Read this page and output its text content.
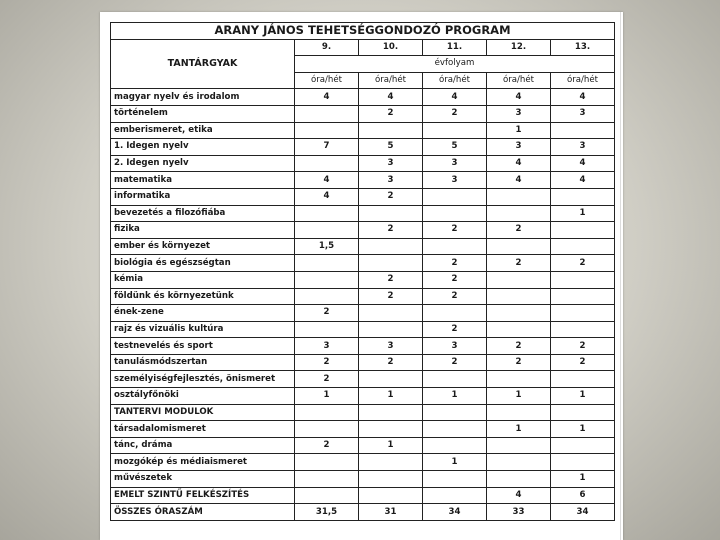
ARANY JÁNOS TEHETSÉGGONDOZÓ PROGRAM					
TANTÁRGYAK	9.	10.	11.	12.	13.
	évfolyam				
	óra/hét	óra/hét	óra/hét	óra/hét	óra/hét
magyar nyelv és irodalom	4	4	4	4	4
történelem		2	2	3	3
emberismeret, etika				1	
1. Idegen nyelv	7	5	5	3	3
2. Idegen nyelv		3	3	4	4
matematika	4	3	3	4	4
informatika	4	2			
bevezetés a filozófiába					1
fizika		2	2	2	
ember és környezet	1,5				
biológia és egészségtan			2	2	2
kémia		2	2		
földünk és környezetünk		2	2		
ének-zene	2				
rajz és vizuális kultúra			2		
testnevelés és sport	3	3	3	2	2
tanulásmódszertan	2	2	2	2	2
személyiségfejlesztés, önismeret	2				
osztályfőnöki	1	1	1	1	1
TANTERVI MODULOK					
társadalomismeret				1	1
tánc, dráma	2	1			
mozgókép és médiaismeret			1		
művészetek					1
EMELT SZINTŰ FELKÉSZÍTÉS				4	6
ÖSSZES ÓRASZÁM	31,5	31	34	33	34
